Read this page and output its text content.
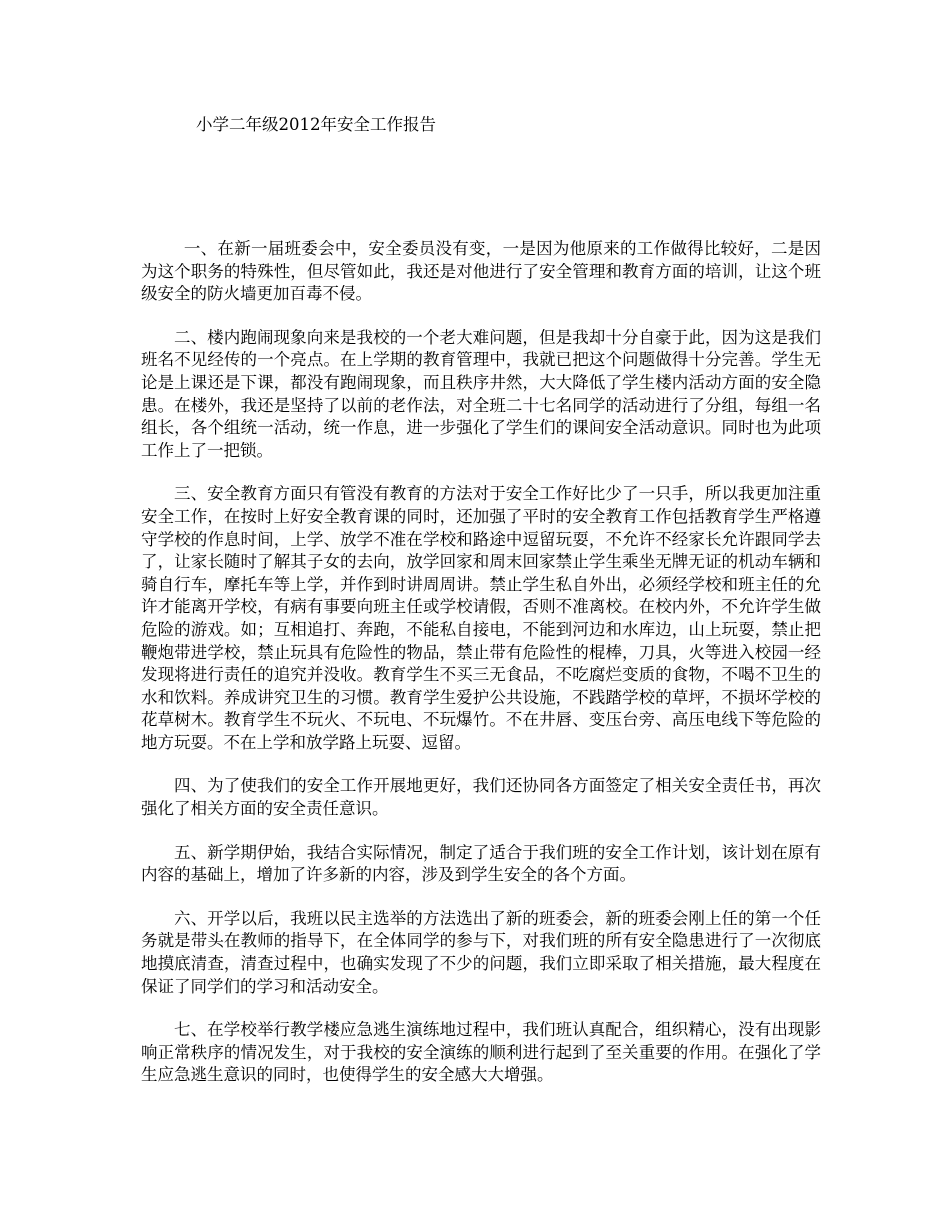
小学二年级2012年安全工作报告

一、在新一届班委会中，安全委员没有变，一是因为他原来的工作做得比较好，二是因为这个职务的特殊性，但尽管如此，我还是对他进行了安全管理和教育方面的培训，让这个班级安全的防火墙更加百毒不侵。

二、楼内跑闹现象向来是我校的一个老大难问题，但是我却十分自豪于此，因为这是我们班名不见经传的一个亮点。在上学期的教育管理中，我就已把这个问题做得十分完善。学生无论是上课还是下课，都没有跑闹现象，而且秩序井然，大大降低了学生楼内活动方面的安全隐患。在楼外，我还是坚持了以前的老作法，对全班二十七名同学的活动进行了分组，每组一名组长，各个组统一活动，统一作息，进一步强化了学生们的课间安全活动意识。同时也为此项工作上了一把锁。

三、安全教育方面只有管没有教育的方法对于安全工作好比少了一只手，所以我更加注重安全工作，在按时上好安全教育课的同时，还加强了平时的安全教育工作包括教育学生严格遵守学校的作息时间，上学、放学不准在学校和路途中逗留玩耍，不允许不经家长允许跟同学去了，让家长随时了解其子女的去向，放学回家和周末回家禁止学生乘坐无牌无证的机动车辆和骑自行车，摩托车等上学，并作到时讲周周讲。禁止学生私自外出，必须经学校和班主任的允许才能离开学校，有病有事要向班主任或学校请假，否则不准离校。在校内外，不允许学生做危险的游戏。如；互相追打、奔跑，不能私自接电，不能到河边和水库边，山上玩耍，禁止把鞭炮带进学校，禁止玩具有危险性的物品，禁止带有危险性的棍棒，刀具，火等进入校园一经发现将进行责任的追究并没收。教育学生不买三无食品，不吃腐烂变质的食物，不喝不卫生的水和饮料。养成讲究卫生的习惯。教育学生爱护公共设施，不践踏学校的草坪，不损坏学校的花草树木。教育学生不玩火、不玩电、不玩爆竹。不在井唇、变压台旁、高压电线下等危险的地方玩耍。不在上学和放学路上玩耍、逗留。

四、为了使我们的安全工作开展地更好，我们还协同各方面签定了相关安全责任书，再次强化了相关方面的安全责任意识。

五、新学期伊始，我结合实际情况，制定了适合于我们班的安全工作计划，该计划在原有内容的基础上，增加了许多新的内容，涉及到学生安全的各个方面。

六、开学以后，我班以民主选举的方法选出了新的班委会，新的班委会刚上任的第一个任务就是带头在教师的指导下，在全体同学的参与下，对我们班的所有安全隐患进行了一次彻底地摸底清查，清查过程中，也确实发现了不少的问题，我们立即采取了相关措施，最大程度在保证了同学们的学习和活动安全。

七、在学校举行教学楼应急逃生演练地过程中，我们班认真配合，组织精心，没有出现影响正常秩序的情况发生，对于我校的安全演练的顺利进行起到了至关重要的作用。在强化了学生应急逃生意识的同时，也使得学生的安全感大大增强。
